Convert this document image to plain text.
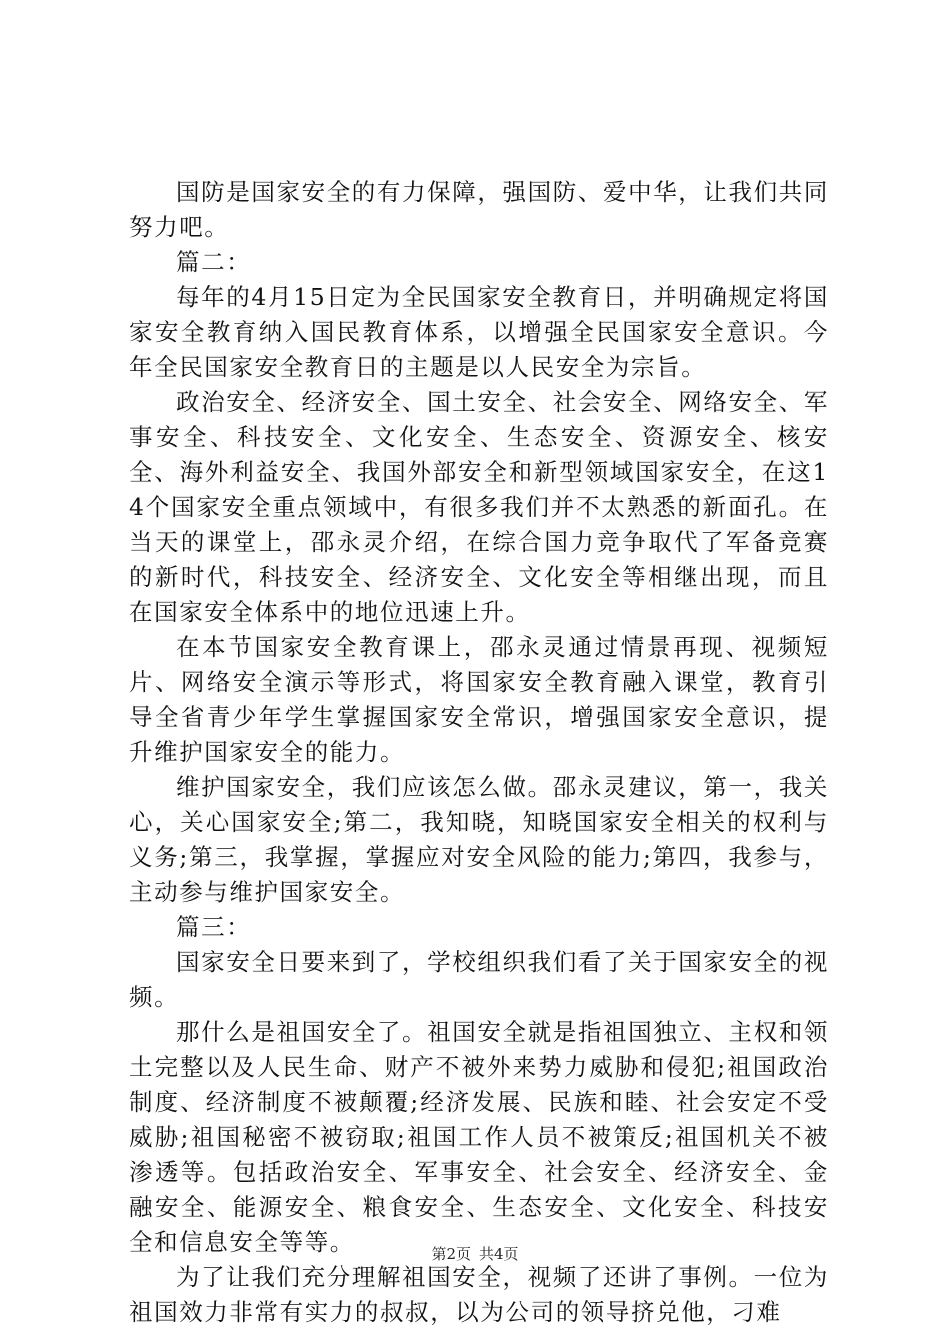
国防是国家安全的有力保障，强国防、爱中华，让我们共同努力吧。

篇二：

每年的4月15日定为全民国家安全教育日，并明确规定将国家安全教育纳入国民教育体系，以增强全民国家安全意识。今年全民国家安全教育日的主题是以人民安全为宗旨。

政治安全、经济安全、国土安全、社会安全、网络安全、军事安全、科技安全、文化安全、生态安全、资源安全、核安全、海外利益安全、我国外部安全和新型领域国家安全，在这14个国家安全重点领域中，有很多我们并不太熟悉的新面孔。在当天的课堂上，邵永灵介绍，在综合国力竞争取代了军备竞赛的新时代，科技安全、经济安全、文化安全等相继出现，而且在国家安全体系中的地位迅速上升。

在本节国家安全教育课上，邵永灵通过情景再现、视频短片、网络安全演示等形式，将国家安全教育融入课堂，教育引导全省青少年学生掌握国家安全常识，增强国家安全意识，提升维护国家安全的能力。

维护国家安全，我们应该怎么做。邵永灵建议，第一，我关心，关心国家安全;第二，我知晓，知晓国家安全相关的权利与义务;第三，我掌握，掌握应对安全风险的能力;第四，我参与，主动参与维护国家安全。

篇三：

国家安全日要来到了，学校组织我们看了关于国家安全的视频。

那什么是祖国安全了。祖国安全就是指祖国独立、主权和领土完整以及人民生命、财产不被外来势力威胁和侵犯;祖国政治制度、经济制度不被颠覆;经济发展、民族和睦、社会安定不受威胁;祖国秘密不被窃取;祖国工作人员不被策反;祖国机关不被渗透等。包括政治安全、军事安全、社会安全、经济安全、金融安全、能源安全、粮食安全、生态安全、文化安全、科技安全和信息安全等等。

为了让我们充分理解祖国安全，视频了还讲了事例。一位为祖国效力非常有实力的叔叔，以为公司的领导挤兑他，刁难

第2页 共4页
